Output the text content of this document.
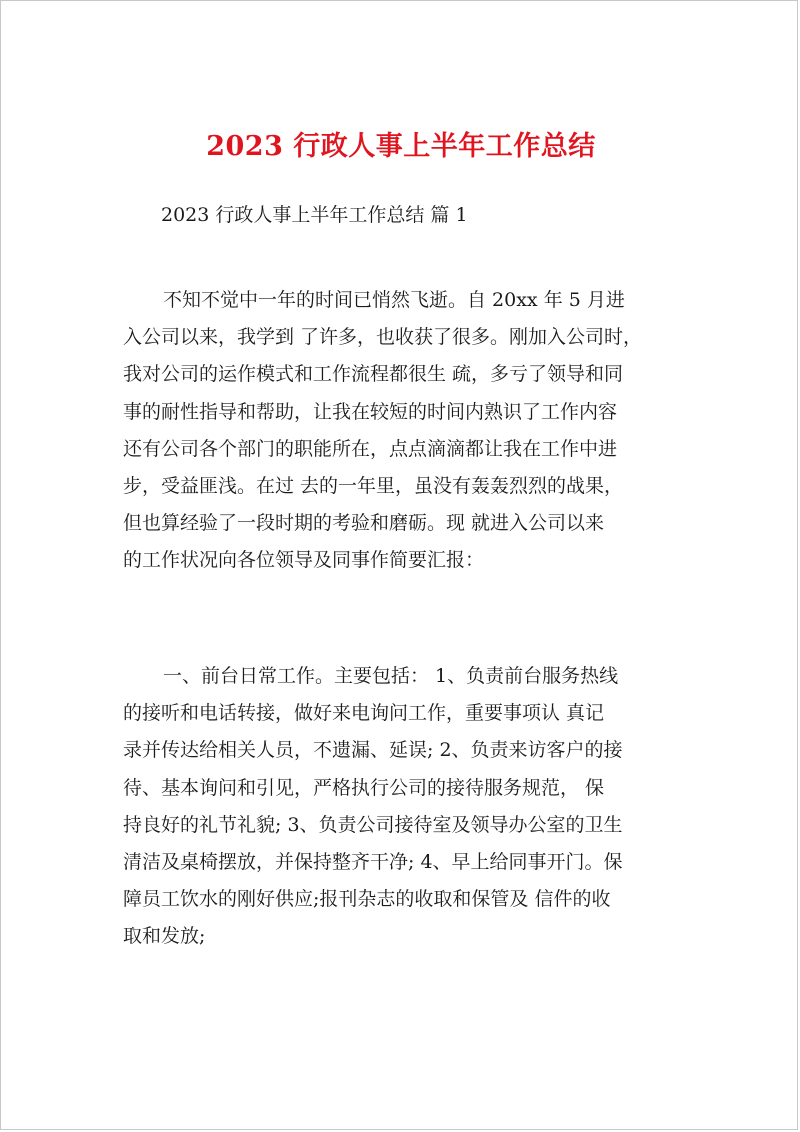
2023 行政人事上半年工作总结
2023 行政人事上半年工作总结 篇 1
不知不觉中一年的时间已悄然飞逝。自 20xx 年 5 月进
入公司以来，我学到 了许多，也收获了很多。刚加入公司时，
我对公司的运作模式和工作流程都很生 疏，多亏了领导和同
事的耐性指导和帮助，让我在较短的时间内熟识了工作内容
还有公司各个部门的职能所在，点点滴滴都让我在工作中进
步，受益匪浅。在过 去的一年里，虽没有轰轰烈烈的战果，
但也算经验了一段时期的考验和磨砺。现 就进入公司以来
的工作状况向各位领导及同事作简要汇报：
一、前台日常工作。主要包括： 1、负责前台服务热线
的接听和电话转接，做好来电询问工作，重要事项认 真记
录并传达给相关人员，不遗漏、延误; 2、负责来访客户的接
待、基本询问和引见，严格执行公司的接待服务规范， 保
持良好的礼节礼貌; 3、负责公司接待室及领导办公室的卫生
清洁及桌椅摆放，并保持整齐干净; 4、早上给同事开门。保
障员工饮水的刚好供应;报刊杂志的收取和保管及 信件的收
取和发放;
